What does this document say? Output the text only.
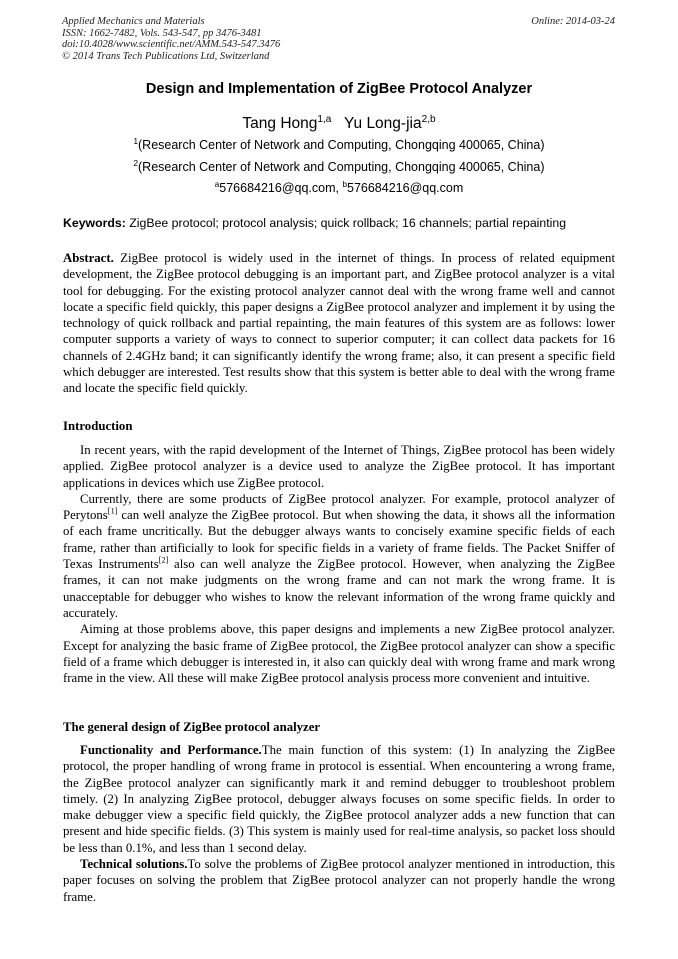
Applied Mechanics and Materials
ISSN: 1662-7482, Vols. 543-547, pp 3476-3481
doi:10.4028/www.scientific.net/AMM.543-547.3476
© 2014 Trans Tech Publications Ltd, Switzerland
Online: 2014-03-24
Design and Implementation of ZigBee Protocol Analyzer
Tang Hong$^{1,a}$ Yu Long-jia$^{2,b}$
$^1$(Research Center of Network and Computing, Chongqing 400065, China)
$^2$(Research Center of Network and Computing, Chongqing 400065, China)
$^a$576684216@qq.com, $^b$576684216@qq.com
Keywords: ZigBee protocol; protocol analysis; quick rollback; 16 channels; partial repainting

Abstract. ZigBee protocol is widely used in the internet of things. In process of related equipment development, the ZigBee protocol debugging is an important part, and ZigBee protocol analyzer is a vital tool for debugging. For the existing protocol analyzer cannot deal with the wrong frame well and cannot locate a specific field quickly, this paper designs a ZigBee protocol analyzer and implement it by using the technology of quick rollback and partial repainting, the main features of this system are as follows: lower computer supports a variety of ways to connect to superior computer; it can collect data packets for 16 channels of 2.4GHz band; it can significantly identify the wrong frame; also, it can present a specific field which debugger are interested. Test results show that this system is better able to deal with the wrong frame and locate the specific field quickly.

Introduction

In recent years, with the rapid development of the Internet of Things, ZigBee protocol has been widely applied. ZigBee protocol analyzer is a device used to analyze the ZigBee protocol. It has important applications in devices which use ZigBee protocol.

Currently, there are some products of ZigBee protocol analyzer. For example, protocol analyzer of Perytons[1] can well analyze the ZigBee protocol. But when showing the data, it shows all the information of each frame uncritically. But the debugger always wants to concisely examine specific fields of each frame, rather than artificially to look for specific fields in a variety of frame fields. The Packet Sniffer of Texas Instruments[2] also can well analyze the ZigBee protocol. However, when analyzing the ZigBee frames, it can not make judgments on the wrong frame and can not mark the wrong frame. It is unacceptable for debugger who wishes to know the relevant information of the wrong frame quickly and accurately.

Aiming at those problems above, this paper designs and implements a new ZigBee protocol analyzer. Except for analyzing the basic frame of ZigBee protocol, the ZigBee protocol analyzer can show a specific field of a frame which debugger is interested in, it also can quickly deal with wrong frame and mark wrong frame in the view. All these will make ZigBee protocol analysis process more convenient and intuitive.

The general design of ZigBee protocol analyzer

Functionality and Performance.The main function of this system: (1) In analyzing the ZigBee protocol, the proper handling of wrong frame in protocol is essential. When encountering a wrong frame, the ZigBee protocol analyzer can significantly mark it and remind debugger to troubleshoot problem timely. (2) In analyzing ZigBee protocol, debugger always focuses on some specific fields. In order to make debugger view a specific field quickly, the ZigBee protocol analyzer adds a new function that can present and hide specific fields. (3) This system is mainly used for real-time analysis, so packet loss should be less than 0.1%, and less than 1 second delay.

Technical solutions.To solve the problems of ZigBee protocol analyzer mentioned in introduction, this paper focuses on solving the problem that ZigBee protocol analyzer can not properly handle the wrong frame.
